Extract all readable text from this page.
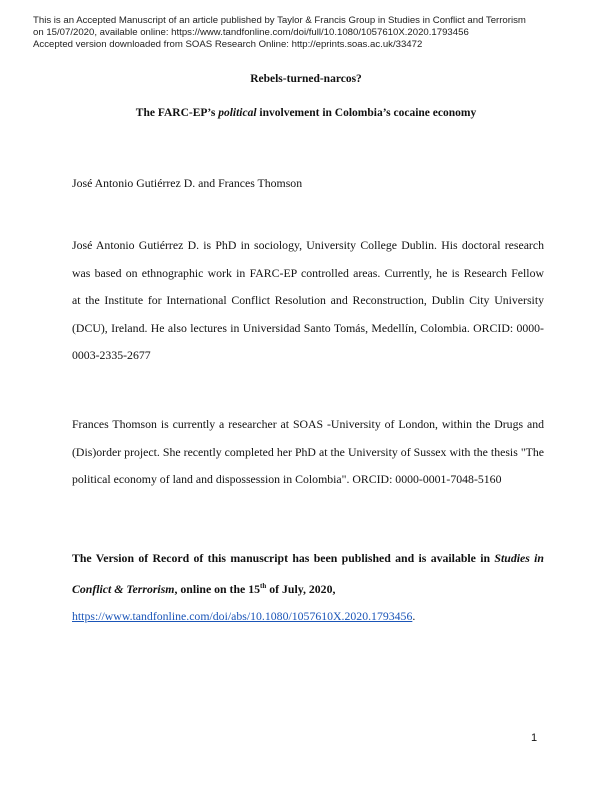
This is an Accepted Manuscript of an article published by Taylor & Francis Group in Studies in Conflict and Terrorism
on 15/07/2020, available online: https://www.tandfonline.com/doi/full/10.1080/1057610X.2020.1793456
Accepted version downloaded from SOAS Research Online: http://eprints.soas.ac.uk/33472
Rebels-turned-narcos?
The FARC-EP’s political involvement in Colombia’s cocaine economy
José Antonio Gutiérrez D. and Frances Thomson
José Antonio Gutiérrez D. is PhD in sociology, University College Dublin. His doctoral research
was based on ethnographic work in FARC-EP controlled areas. Currently, he is Research Fellow
at the Institute for International Conflict Resolution and Reconstruction, Dublin City University
(DCU), Ireland. He also lectures in Universidad Santo Tomás, Medellín, Colombia. ORCID: 0000-
0003-2335-2677
Frances Thomson is currently a researcher at SOAS -University of London, within the Drugs and
(Dis)order project. She recently completed her PhD at the University of Sussex with the thesis "The
political economy of land and dispossession in Colombia". ORCID: 0000-0001-7048-5160
The Version of Record of this manuscript has been published and is available in Studies in
Conflict & Terrorism, online on the 15th of July, 2020,
https://www.tandfonline.com/doi/abs/10.1080/1057610X.2020.1793456.
1
